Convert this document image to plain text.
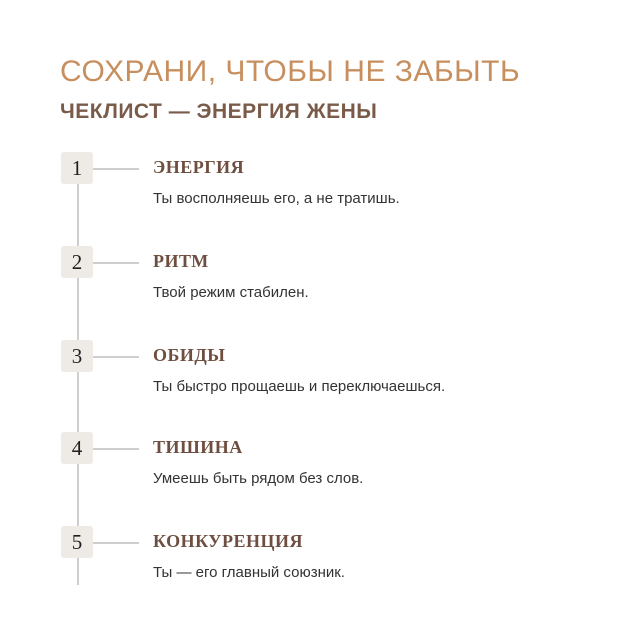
СОХРАНИ, ЧТОБЫ НЕ ЗАБЫТЬ
ЧЕКЛИСТ — ЭНЕРГИЯ ЖЕНЫ
1	ЭНЕРГИЯ
Ты восполняешь его, а не тратишь.
2	РИТМ
Твой режим стабилен.
3	ОБИДЫ
Ты быстро прощаешь и переключаешься.
4	ТИШИНА
Умеешь быть рядом без слов.
5	КОНКУРЕНЦИЯ
Ты — его главный союзник.
